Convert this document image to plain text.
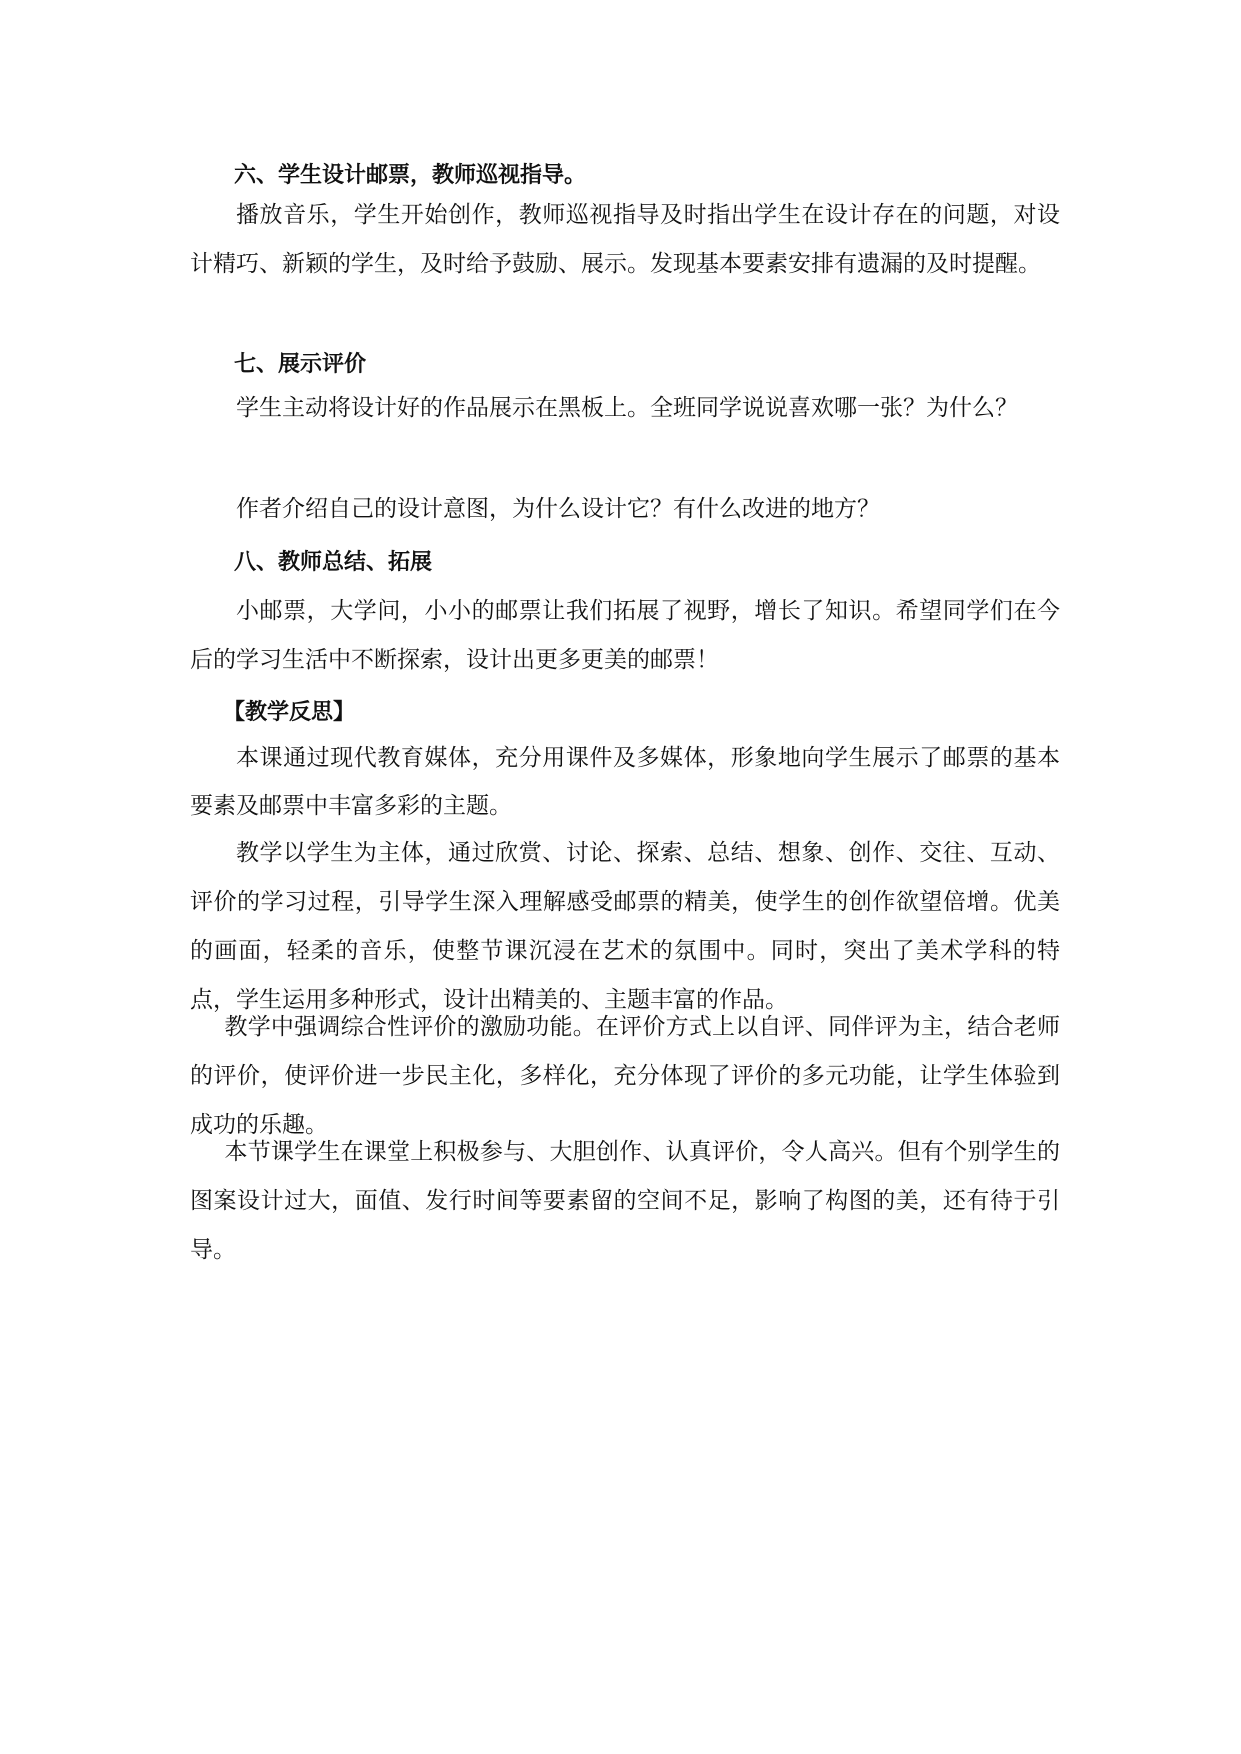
六、学生设计邮票，教师巡视指导。

播放音乐，学生开始创作，教师巡视指导及时指出学生在设计存在的问题，对设计精巧、新颖的学生，及时给予鼓励、展示。发现基本要素安排有遗漏的及时提醒。

七、展示评价

学生主动将设计好的作品展示在黑板上。全班同学说说喜欢哪一张？为什么？

作者介绍自己的设计意图，为什么设计它？有什么改进的地方？

八、教师总结、拓展

小邮票，大学问，小小的邮票让我们拓展了视野，增长了知识。希望同学们在今后的学习生活中不断探索，设计出更多更美的邮票！

【教学反思】

本课通过现代教育媒体，充分用课件及多媒体，形象地向学生展示了邮票的基本要素及邮票中丰富多彩的主题。

教学以学生为主体，通过欣赏、讨论、探索、总结、想象、创作、交往、互动、评价的学习过程，引导学生深入理解感受邮票的精美，使学生的创作欲望倍增。优美的画面，轻柔的音乐，使整节课沉浸在艺术的氛围中。同时，突出了美术学科的特点，学生运用多种形式，设计出精美的、主题丰富的作品。

教学中强调综合性评价的激励功能。在评价方式上以自评、同伴评为主，结合老师的评价，使评价进一步民主化，多样化，充分体现了评价的多元功能，让学生体验到成功的乐趣。

本节课学生在课堂上积极参与、大胆创作、认真评价，令人高兴。但有个别学生的图案设计过大，面值、发行时间等要素留的空间不足，影响了构图的美，还有待于引导。
